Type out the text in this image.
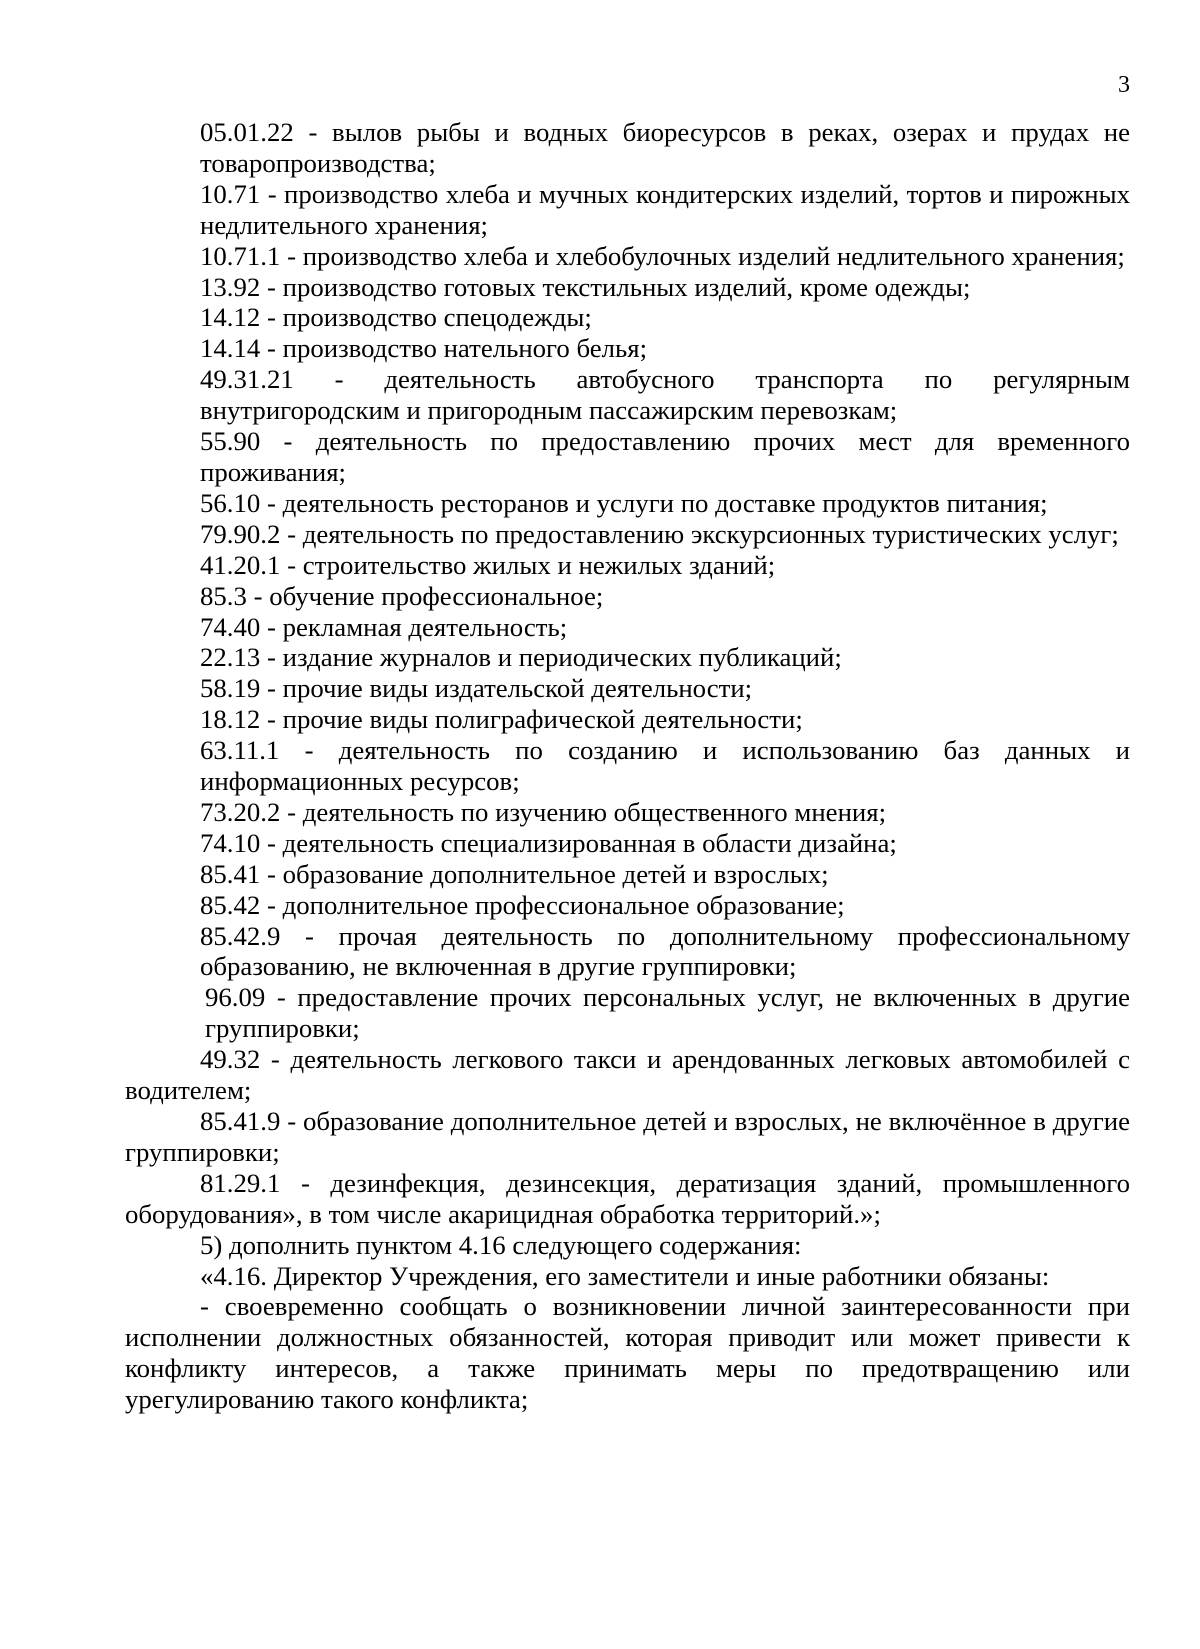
3

05.01.22 - вылов рыбы и водных биоресурсов в реках, озерах и прудах не товаропроизводства;

10.71 - производство хлеба и мучных кондитерских изделий, тортов и пирожных недлительного хранения;

10.71.1 - производство хлеба и хлебобулочных изделий недлительного хранения;

13.92 - производство готовых текстильных изделий, кроме одежды;

14.12 - производство спецодежды;

14.14 - производство нательного белья;

49.31.21 - деятельность автобусного транспорта по регулярным внутригородским и пригородным пассажирским перевозкам;

55.90 - деятельность по предоставлению прочих мест для временного проживания;

56.10 - деятельность ресторанов и услуги по доставке продуктов питания;

79.90.2 - деятельность по предоставлению экскурсионных туристических услуг;

41.20.1 - строительство жилых и нежилых зданий;

85.3 - обучение профессиональное;

74.40 - рекламная деятельность;

22.13 - издание журналов и периодических публикаций;

58.19 - прочие виды издательской деятельности;

18.12 - прочие виды полиграфической деятельности;

63.11.1 - деятельность по созданию и использованию баз данных и информационных ресурсов;

73.20.2 - деятельность по изучению общественного мнения;

74.10 - деятельность специализированная в области дизайна;

85.41 - образование дополнительное детей и взрослых;

85.42 - дополнительное профессиональное образование;

85.42.9 - прочая деятельность по дополнительному профессиональному образованию, не включенная в другие группировки;

96.09 - предоставление прочих персональных услуг, не включенных в другие группировки;

49.32 - деятельность легкового такси и арендованных легковых автомобилей с водителем;

85.41.9 - образование дополнительное детей и взрослых, не включённое в другие группировки;

81.29.1 - дезинфекция, дезинсекция, дератизация зданий, промышленного оборудования», в том числе акарицидная обработка территорий.»;

5) дополнить пунктом 4.16 следующего содержания:

«4.16. Директор Учреждения, его заместители и иные работники обязаны:

- своевременно сообщать о возникновении личной заинтересованности при исполнении должностных обязанностей, которая приводит или может привести к конфликту интересов, а также принимать меры по предотвращению или урегулированию такого конфликта;
